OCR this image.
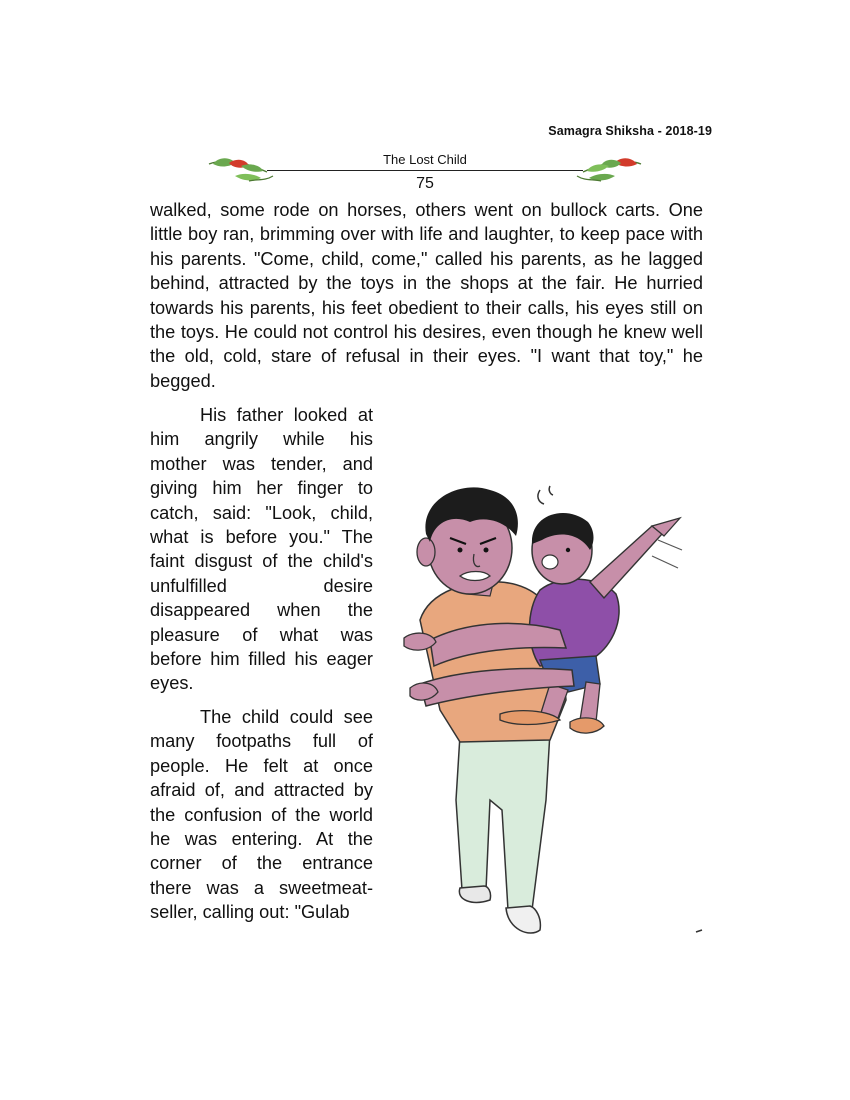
Samagra Shiksha - 2018-19
The Lost Child
75

walked, some rode on horses, others went on bullock carts. One little boy ran, brimming over with life and laughter, to keep pace with his parents. "Come, child, come," called his parents, as he lagged behind, attracted by the toys in the shops at the fair. He hurried towards his parents, his feet obedient to their calls, his eyes still on the toys. He could not control his desires, even though he knew well the old, cold, stare of refusal in their eyes. "I want that toy," he begged.

His father looked at him angrily while his mother was tender, and giving him her finger to catch, said: "Look, child, what is before you." The faint disgust of the child's unfulfilled desire disappeared when the pleasure of what was before him filled his eager eyes.

The child could see many footpaths full of people. He felt at once afraid of, and attracted by the confusion of the world he was entering. At the corner of the entrance there was a sweetmeat-seller, calling out: "Gulab
